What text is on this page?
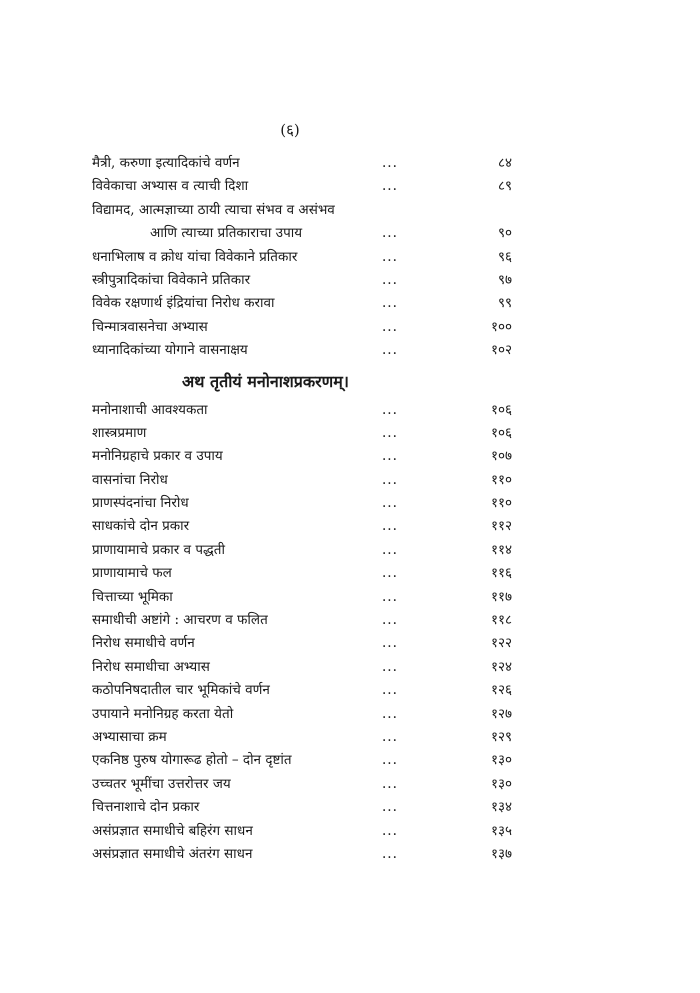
(६)
मैत्री, करुणा इत्यादिकांचे वर्णन	...	८४
विवेकाचा अभ्यास व त्याची दिशा	...	८९
विद्यामद, आत्मज्ञाच्या ठायी त्याचा संभव व असंभव
आणि त्याच्या प्रतिकाराचा उपाय	...	९०
धनाभिलाष व क्रोध यांचा विवेकाने प्रतिकार	...	९६
स्त्रीपुत्रादिकांचा विवेकाने प्रतिकार	...	९७
विवेक रक्षणार्थ इंद्रियांचा निरोध करावा	...	९९
चिन्मात्रवासनेचा अभ्यास	...	१००
ध्यानादिकांच्या योगाने वासनाक्षय	...	१०२
अथ तृतीयं मनोनाशप्रकरणम्।
मनोनाशाची आवश्यकता	...	१०६
शास्त्रप्रमाण	...	१०६
मनोनिग्रहाचे प्रकार व उपाय	...	१०७
वासनांचा निरोध	...	११०
प्राणस्पंदनांचा निरोध	...	११०
साधकांचे दोन प्रकार	...	११२
प्राणायामाचे प्रकार व पद्धती	...	११४
प्राणायामाचे फल	...	११६
चित्ताच्या भूमिका	...	११७
समाधीची अष्टांगे : आचरण व फलित	...	११८
निरोध समाधीचे वर्णन	...	१२२
निरोध समाधीचा अभ्यास	...	१२४
कठोपनिषदातील चार भूमिकांचे वर्णन	...	१२६
उपायाने मनोनिग्रह करता येतो	...	१२७
अभ्यासाचा क्रम	...	१२९
एकनिष्ठ पुरुष योगारूढ होतो – दोन दृष्टांत	...	१३०
उच्चतर भूमींचा उत्तरोत्तर जय	...	१३०
चित्तनाशाचे दोन प्रकार	...	१३४
असंप्रज्ञात समाधीचे बहिरंग साधन	...	१३५
असंप्रज्ञात समाधीचे अंतरंग साधन	...	१३७
